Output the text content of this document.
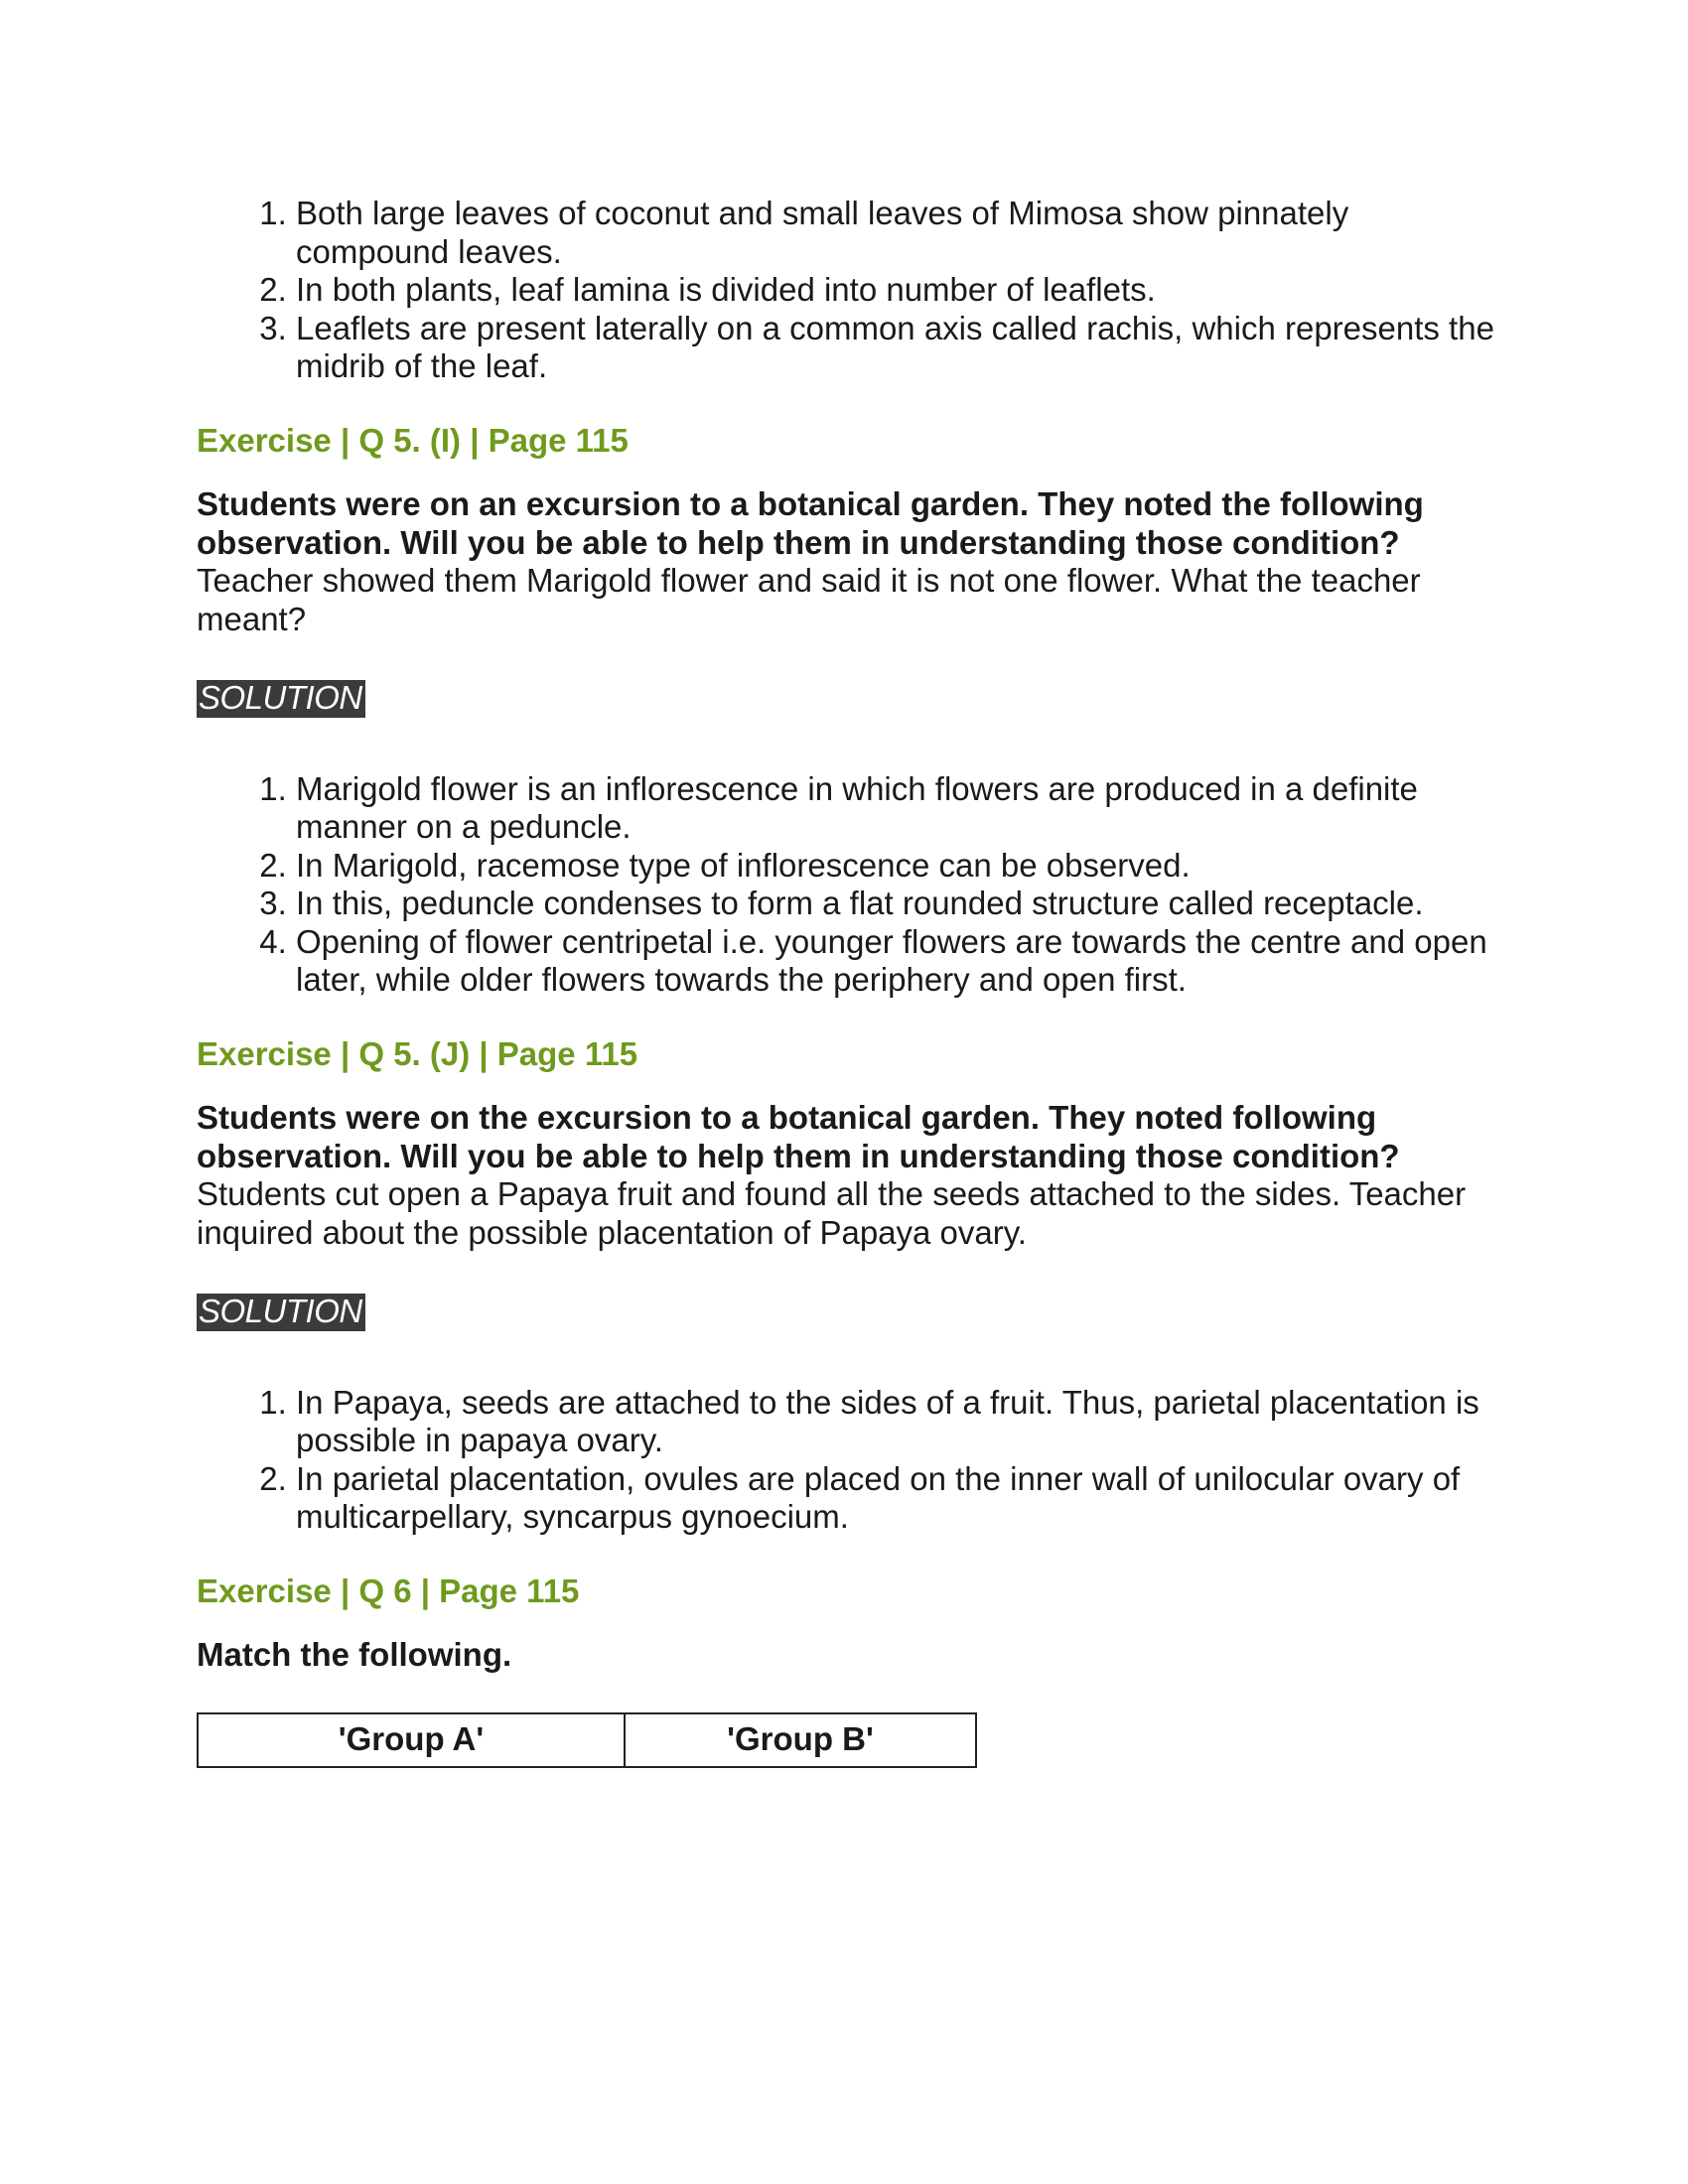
1. Both large leaves of coconut and small leaves of Mimosa show pinnately compound leaves.
2. In both plants, leaf lamina is divided into number of leaflets.
3. Leaflets are present laterally on a common axis called rachis, which represents the midrib of the leaf.

Exercise | Q 5. (I) | Page 115

Students were on an excursion to a botanical garden. They noted the following observation. Will you be able to help them in understanding those condition?

Teacher showed them Marigold flower and said it is not one flower. What the teacher meant?

SOLUTION
1. Marigold flower is an inflorescence in which flowers are produced in a definite manner on a peduncle.
2. In Marigold, racemose type of inflorescence can be observed.
3. In this, peduncle condenses to form a flat rounded structure called receptacle.
4. Opening of flower centripetal i.e. younger flowers are towards the centre and open later, while older flowers towards the periphery and open first.

Exercise | Q 5. (J) | Page 115

Students were on the excursion to a botanical garden. They noted following observation. Will you be able to help them in understanding those condition?

Students cut open a Papaya fruit and found all the seeds attached to the sides. Teacher inquired about the possible placentation of Papaya ovary.

SOLUTION
1. In Papaya, seeds are attached to the sides of a fruit. Thus, parietal placentation is possible in papaya ovary.
2. In parietal placentation, ovules are placed on the inner wall of unilocular ovary of multicarpellary, syncarpus gynoecium.

Exercise | Q 6 | Page 115

Match the following.

'Group A'	'Group B'
